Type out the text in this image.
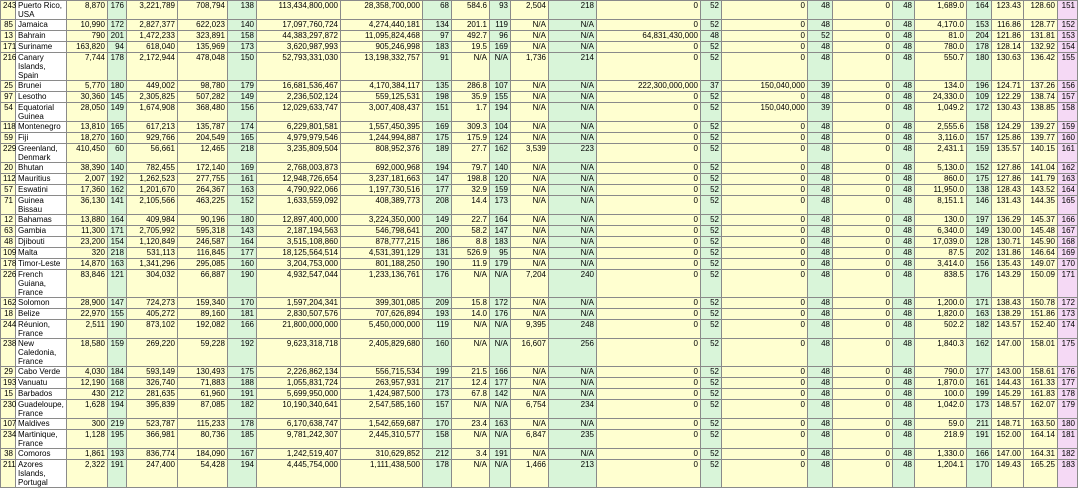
243	Puerto Rico, USA	8,870	176	3,221,789	708,794	138	113,434,800,000	28,358,700,000	68	584.6	93	2,504	218	0	52	0	48	0	48	1,689.0	164	123.43	128.60	151
85	Jamaica	10,990	172	2,827,377	622,023	140	17,097,760,724	4,274,440,181	134	201.1	119	N/A	N/A	0	52	0	48	0	48	4,170.0	153	116.86	128.77	152
13	Bahrain	790	201	1,472,233	323,891	158	44,383,297,872	11,095,824,468	97	492.7	96	N/A	N/A	64,831,430,000	48	0	52	0	48	81.0	204	121.86	131.81	153
171	Suriname	163,820	94	618,040	135,969	173	3,620,987,993	905,246,998	183	19.5	169	N/A	N/A	0	52	0	48	0	48	780.0	178	128.14	132.92	154
216	Canary Islands, Spain	7,744	178	2,172,944	478,048	150	52,793,331,030	13,198,332,757	91	N/A	N/A	1,736	214	0	52	0	48	0	48	550.7	180	130.63	136.42	155
25	Brunei	5,770	180	449,002	98,780	179	16,681,536,467	4,170,384,117	135	286.8	107	N/A	N/A	222,300,000,000	37	150,040,000	39	0	48	134.0	196	124.71	137.26	156
97	Lesotho	30,360	145	2,305,825	507,282	149	2,236,502,124	559,125,531	198	35.9	155	N/A	N/A	0	52	0	48	0	48	24,330.0	109	122.29	138.74	157
54	Equatorial Guinea	28,050	149	1,674,908	368,480	156	12,029,633,747	3,007,408,437	151	1.7	194	N/A	N/A	0	52	150,040,000	39	0	48	1,049.2	172	130.43	138.85	158
118	Montenegro	13,810	165	617,213	135,787	174	6,229,801,581	1,557,450,395	169	309.3	104	N/A	N/A	0	52	0	48	0	48	2,555.6	158	124.29	139.27	159
59	Fiji	18,270	160	929,766	204,549	165	4,979,979,546	1,244,994,887	175	175.9	124	N/A	N/A	0	52	0	48	0	48	3,116.0	157	125.86	139.77	160
229	Greenland, Denmark	410,450	60	56,661	12,465	218	3,235,809,504	808,952,376	189	27.7	162	3,539	223	0	52	0	48	0	48	2,431.1	159	135.57	140.15	161
20	Bhutan	38,390	140	782,455	172,140	169	2,768,003,873	692,000,968	194	79.7	140	N/A	N/A	0	52	0	48	0	48	5,130.0	152	127.86	141.04	162
112	Mauritius	2,007	192	1,262,523	277,755	161	12,948,726,654	3,237,181,663	147	198.8	120	N/A	N/A	0	52	0	48	0	48	860.0	175	127.86	141.79	163
57	Eswatini	17,360	162	1,201,670	264,367	163	4,790,922,066	1,197,730,516	177	32.9	159	N/A	N/A	0	52	0	48	0	48	11,950.0	138	128.43	143.52	164
71	Guinea Bissau	36,130	141	2,105,566	463,225	152	1,633,559,092	408,389,773	208	14.4	173	N/A	N/A	0	52	0	48	0	48	8,151.1	146	131.43	144.35	165
12	Bahamas	13,880	164	409,984	90,196	180	12,897,400,000	3,224,350,000	149	22.7	164	N/A	N/A	0	52	0	48	0	48	130.0	197	136.29	145.37	166
63	Gambia	11,300	171	2,705,992	595,318	143	2,187,194,563	546,798,641	200	58.2	147	N/A	N/A	0	52	0	48	0	48	6,340.0	149	130.00	145.48	167
48	Djibouti	23,200	154	1,120,849	246,587	164	3,515,108,860	878,777,215	186	8.8	183	N/A	N/A	0	52	0	48	0	48	17,039.0	128	130.71	145.90	168
109	Malta	320	218	531,113	116,845	177	18,125,564,514	4,531,391,129	131	526.9	95	N/A	N/A	0	52	0	48	0	48	87.5	202	131.86	146.64	169
178	Timor-Leste	14,870	163	1,341,296	295,085	160	3,204,753,000	801,188,250	190	11.9	179	N/A	N/A	0	52	0	48	0	48	3,414.0	156	135.43	149.07	170
226	French Guiana, France	83,846	121	304,032	66,887	190	4,932,547,044	1,233,136,761	176	N/A	N/A	7,204	240	0	52	0	48	0	48	838.5	176	143.29	150.09	171
162	Solomon	28,900	147	724,273	159,340	170	1,597,204,341	399,301,085	209	15.8	172	N/A	N/A	0	52	0	48	0	48	1,200.0	171	138.43	150.78	172
18	Belize	22,970	155	405,272	89,160	181	2,830,507,576	707,626,894	193	14.0	176	N/A	N/A	0	52	0	48	0	48	1,820.0	163	138.29	151.86	173
244	Réunion, France	2,511	190	873,102	192,082	166	21,800,000,000	5,450,000,000	119	N/A	N/A	9,395	248	0	52	0	48	0	48	502.2	182	143.57	152.40	174
238	New Caledonia, France	18,580	159	269,220	59,228	192	9,623,318,718	2,405,829,680	160	N/A	N/A	16,607	256	0	52	0	48	0	48	1,840.3	162	147.00	158.01	175
29	Cabo Verde	4,030	184	593,149	130,493	175	2,226,862,134	556,715,534	199	21.5	166	N/A	N/A	0	52	0	48	0	48	790.0	177	143.00	158.61	176
193	Vanuatu	12,190	168	326,740	71,883	188	1,055,831,724	263,957,931	217	12.4	177	N/A	N/A	0	52	0	48	0	48	1,870.0	161	144.43	161.33	177
15	Barbados	430	212	281,635	61,960	191	5,699,950,000	1,424,987,500	173	67.8	142	N/A	N/A	0	52	0	48	0	48	100.0	199	145.29	161.83	178
230	Guadeloupe, France	1,628	194	395,839	87,085	182	10,190,340,641	2,547,585,160	157	N/A	N/A	6,754	234	0	52	0	48	0	48	1,042.0	173	148.57	162.07	179
107	Maldives	300	219	523,787	115,233	178	6,170,638,747	1,542,659,687	170	23.4	163	N/A	N/A	0	52	0	48	0	48	59.0	211	148.71	163.50	180
234	Martinique, France	1,128	195	366,981	80,736	185	9,781,242,307	2,445,310,577	158	N/A	N/A	6,847	235	0	52	0	48	0	48	218.9	191	152.00	164.14	181
38	Comoros	1,861	193	836,774	184,090	167	1,242,519,407	310,629,852	212	3.4	191	N/A	N/A	0	52	0	48	0	48	1,330.0	166	147.00	164.31	182
211	Azores Islands, Portugal	2,322	191	247,400	54,428	194	4,445,754,000	1,111,438,500	178	N/A	N/A	1,466	213	0	52	0	48	0	48	1,204.1	170	149.43	165.25	183
